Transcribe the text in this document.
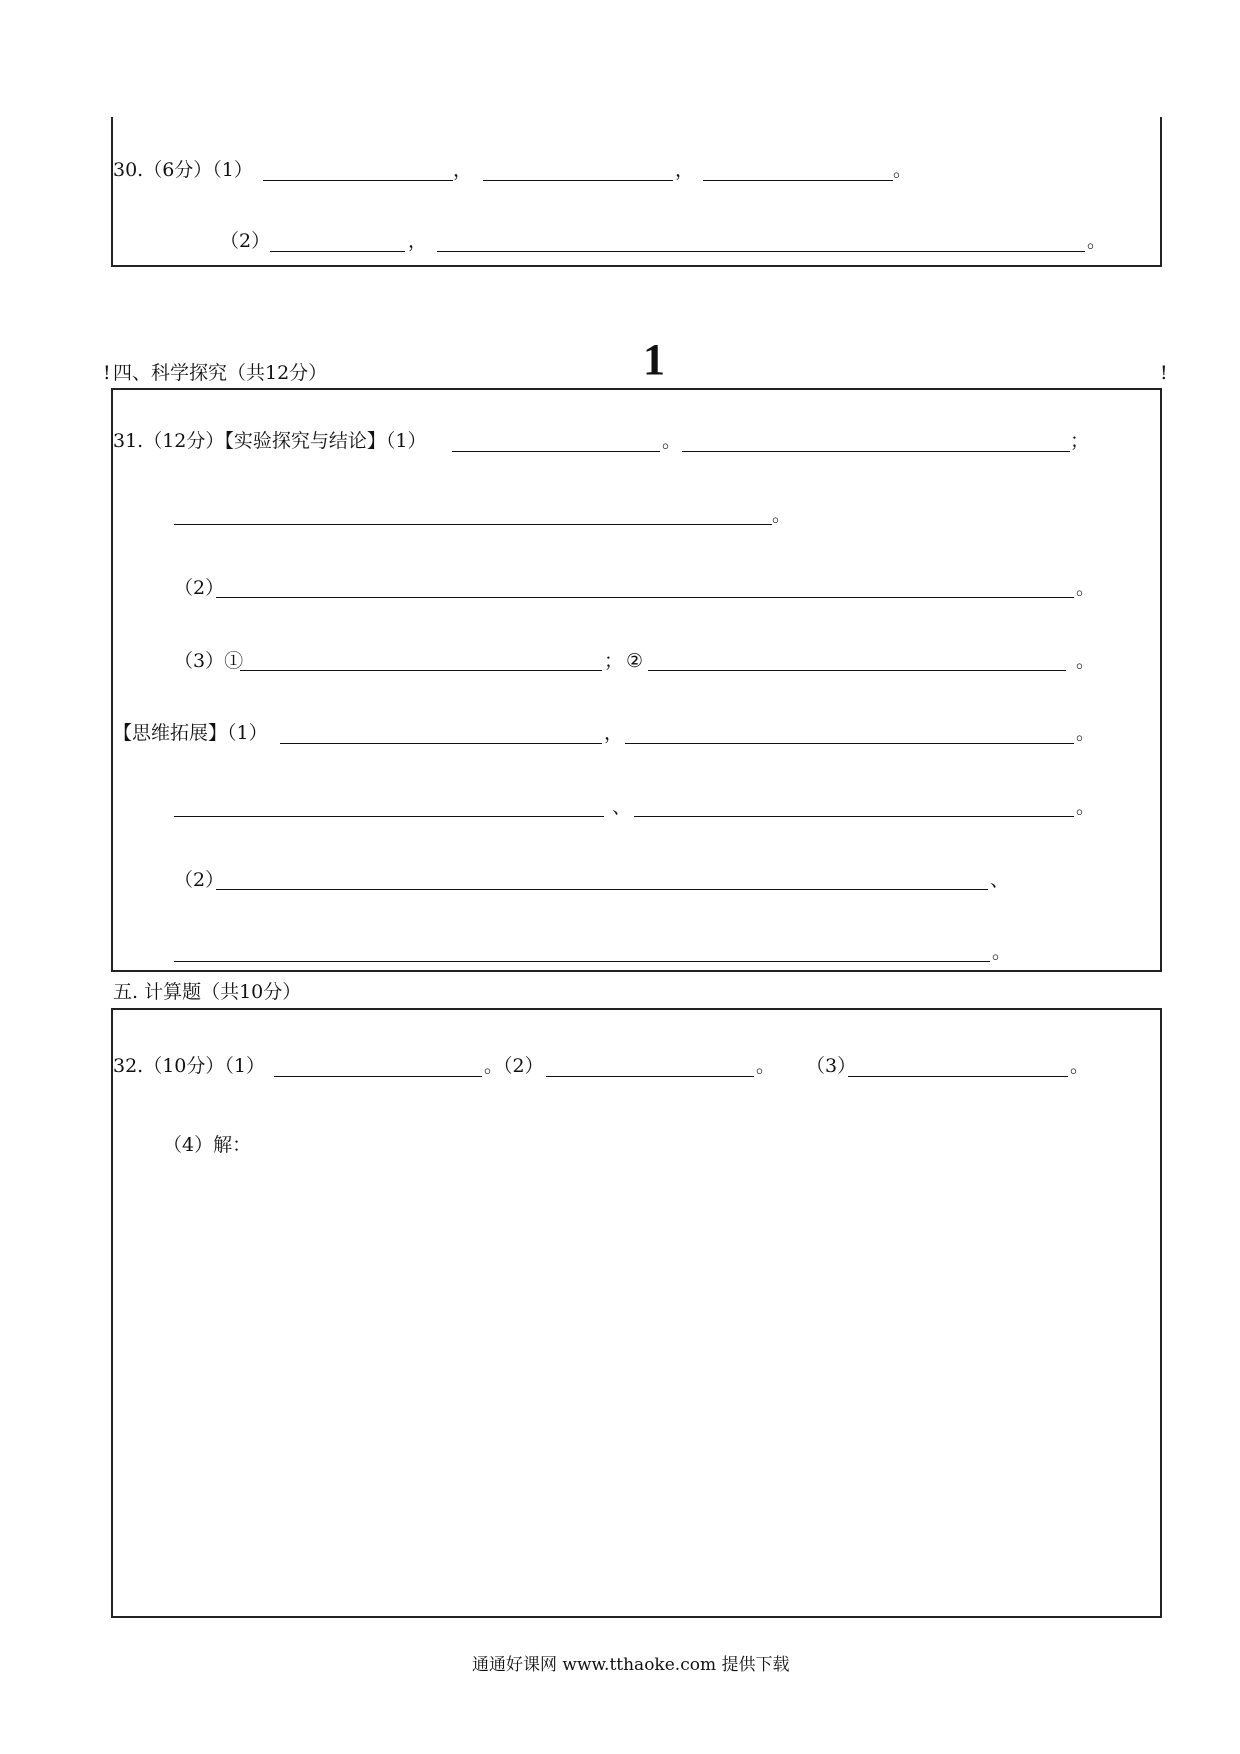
30.（6分）（1）	，	，	。
（2）	，	。
! 四、科学探究（共12分）	1	!
31.（12分）【实验探究与结论】（1）	。	；
。
（2）	。
（3）①	； ②	。
【思维拓展】（1）	，	。
、	。
（2）	、
。
五. 计算题（共10分）
32.（10分）（1）	。（2）	。 （3）	。
（4）解：
通通好课网 www.tthaoke.com 提供下载
